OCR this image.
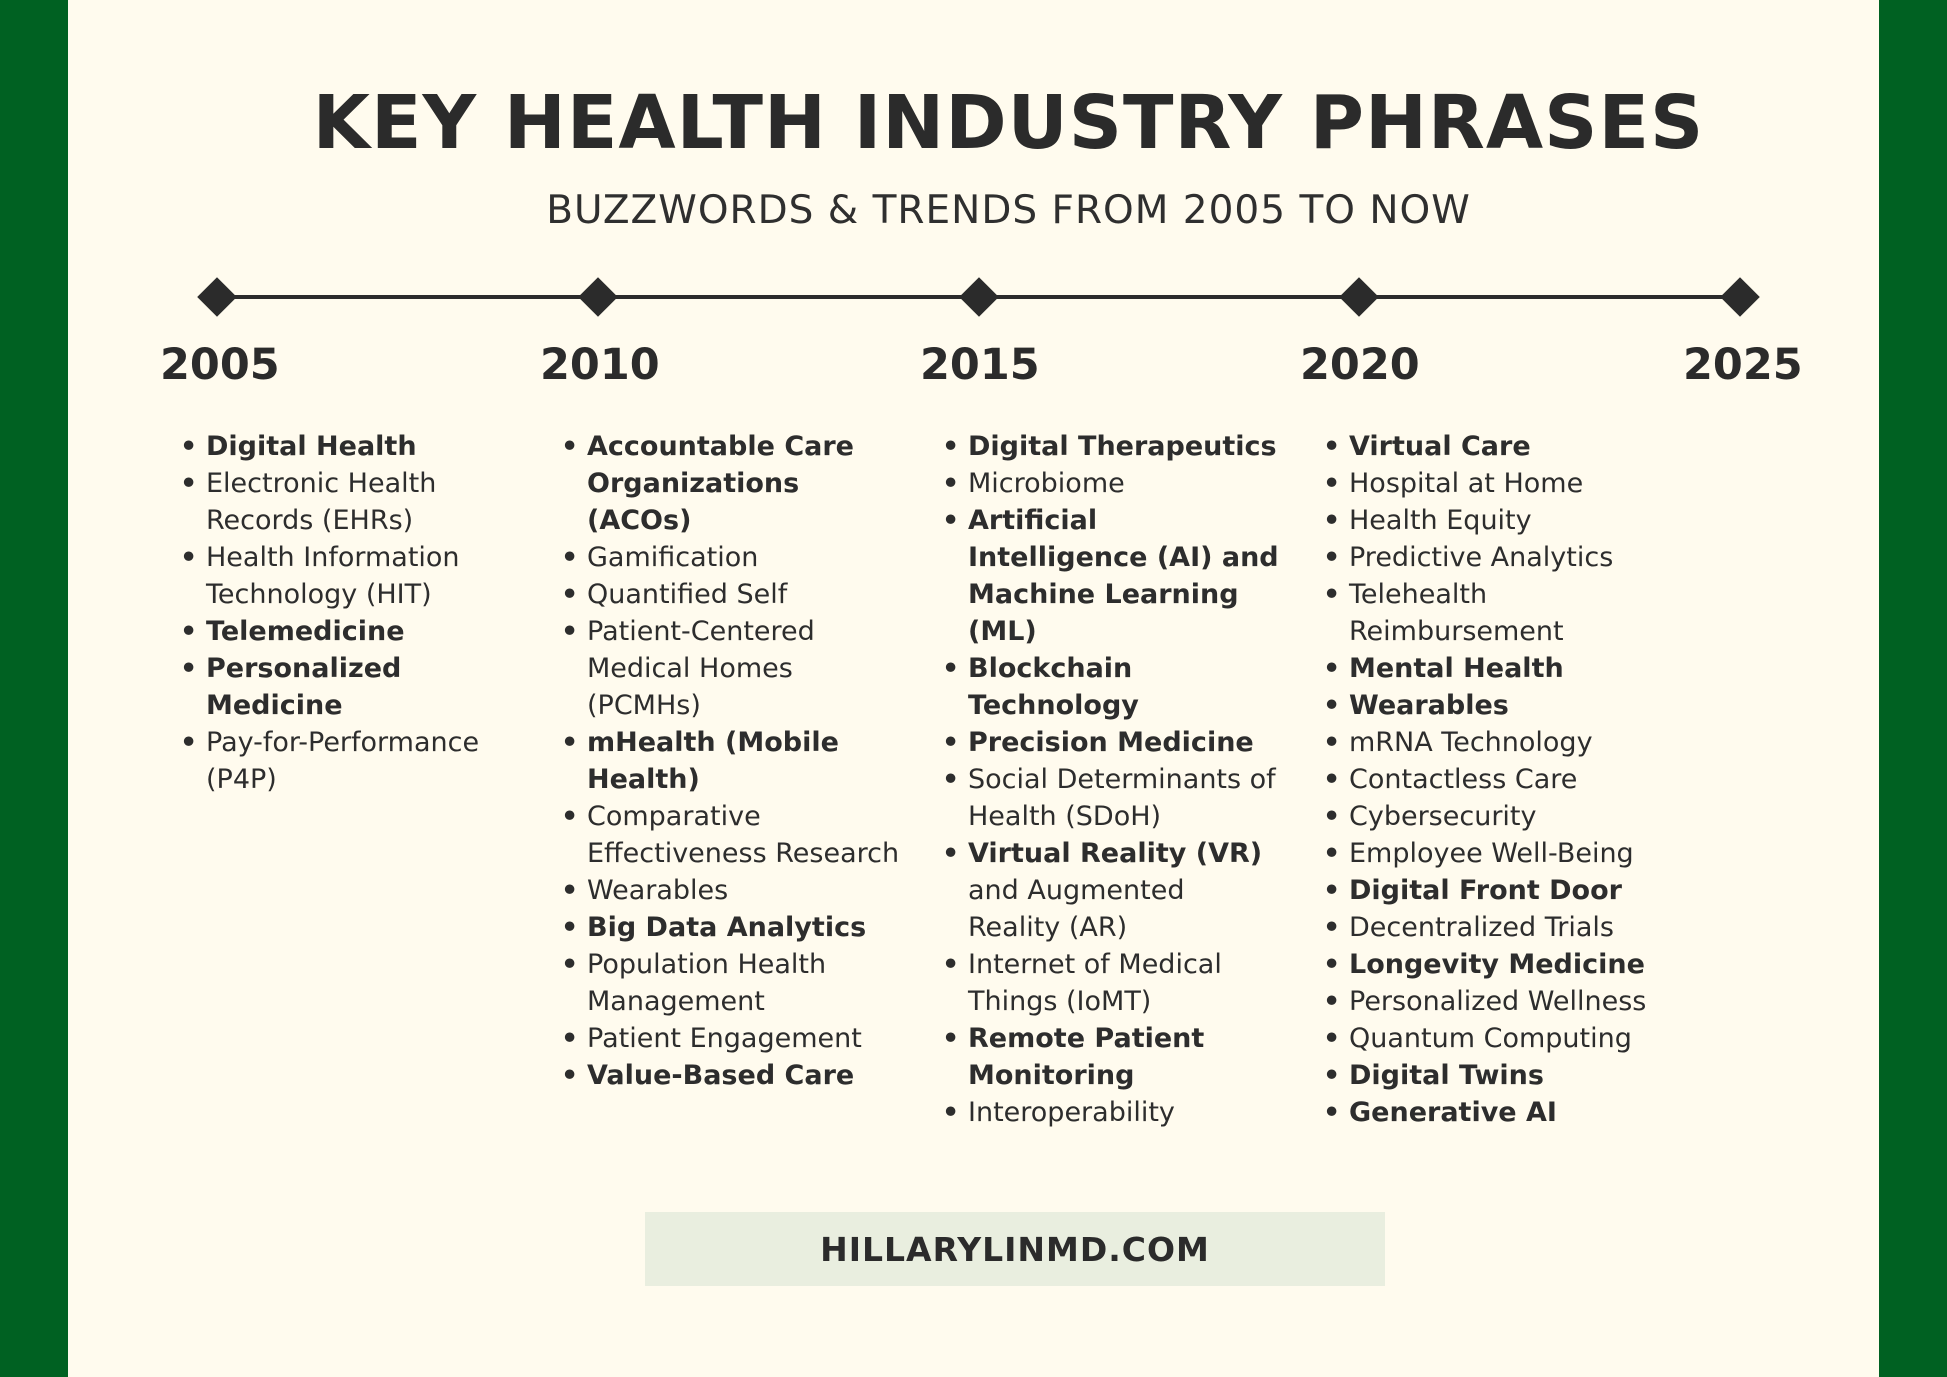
KEY HEALTH INDUSTRY PHRASES
BUZZWORDS & TRENDS FROM 2005 TO NOW
2005	2010	2015	2020	2025
• Digital Health
• Electronic Health Records (EHRs)
• Health Information Technology (HIT)
• Telemedicine
• Personalized Medicine
• Pay-for-Performance (P4P)
• Accountable Care Organizations (ACOs)
• Gamification
• Quantified Self
• Patient-Centered Medical Homes (PCMHs)
• mHealth (Mobile Health)
• Comparative Effectiveness Research
• Wearables
• Big Data Analytics
• Population Health Management
• Patient Engagement
• Value-Based Care
• Digital Therapeutics
• Microbiome
• Artificial Intelligence (AI) and Machine Learning (ML)
• Blockchain Technology
• Precision Medicine
• Social Determinants of Health (SDoH)
• Virtual Reality (VR) and Augmented Reality (AR)
• Internet of Medical Things (IoMT)
• Remote Patient Monitoring
• Interoperability
• Virtual Care
• Hospital at Home
• Health Equity
• Predictive Analytics
• Telehealth Reimbursement
• Mental Health
• Wearables
• mRNA Technology
• Contactless Care
• Cybersecurity
• Employee Well-Being
• Digital Front Door
• Decentralized Trials
• Longevity Medicine
• Personalized Wellness
• Quantum Computing
• Digital Twins
• Generative AI
HILLARYLINMD.COM
